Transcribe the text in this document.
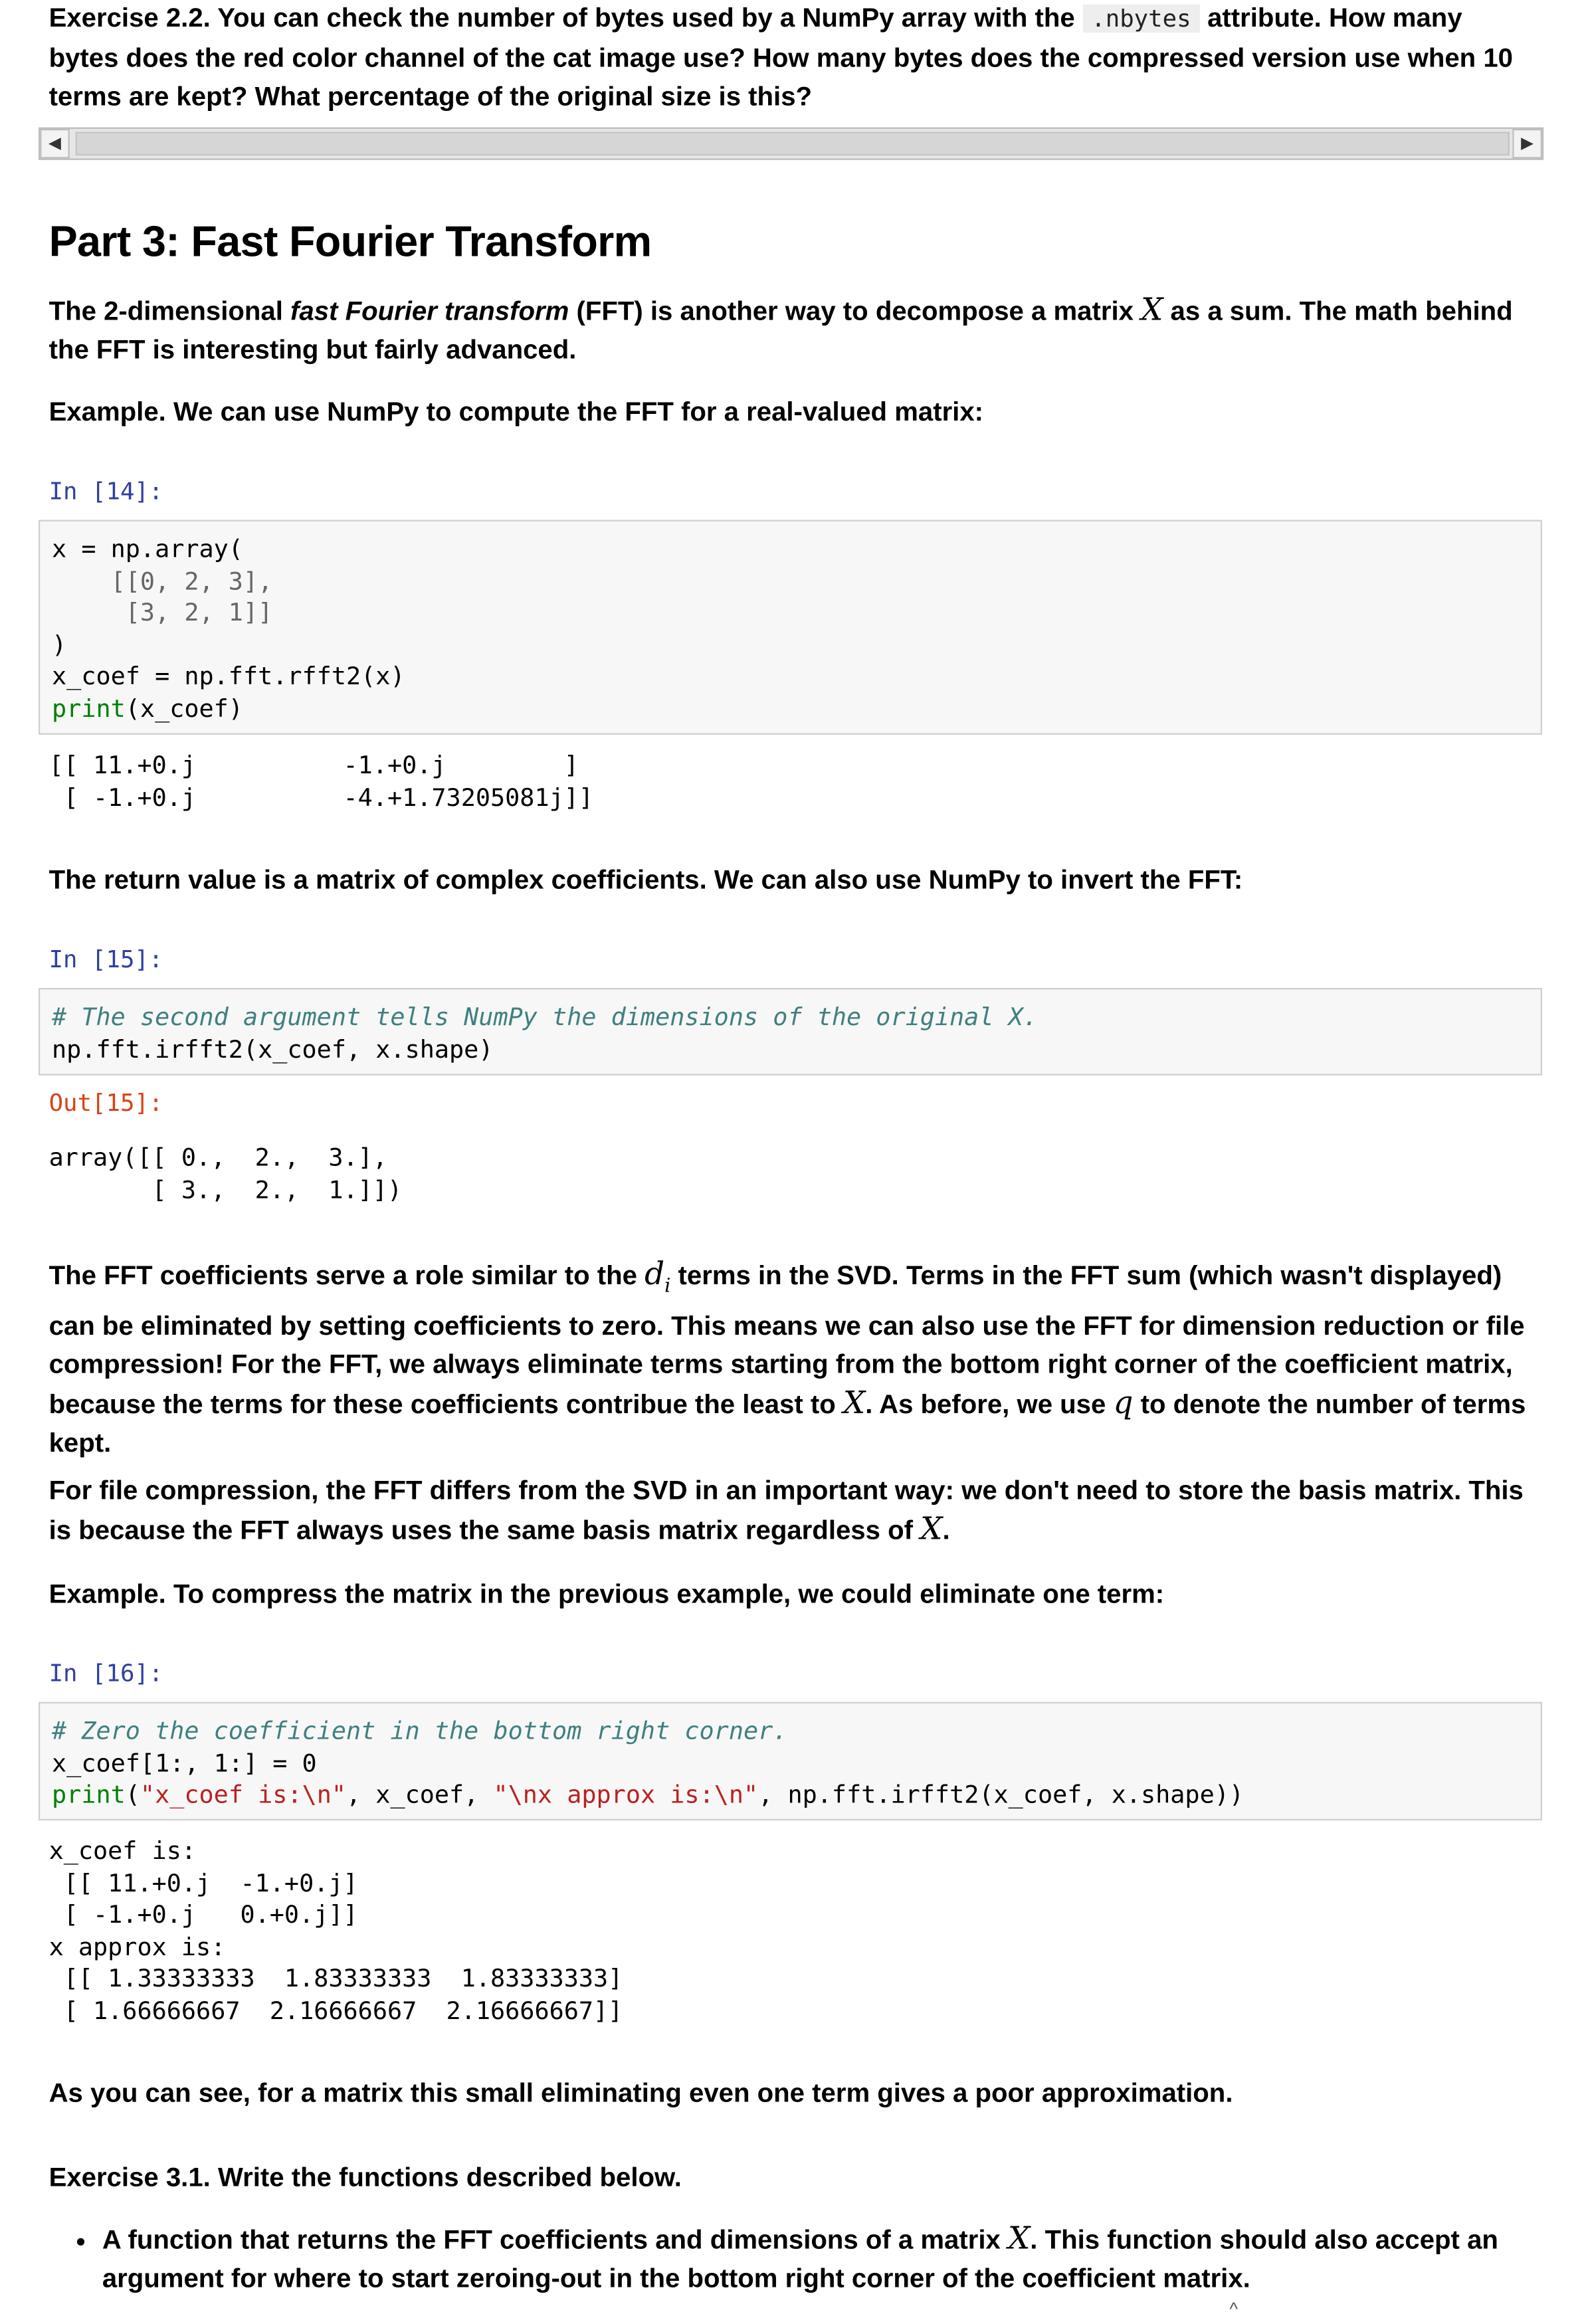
Exercise 2.2. You can check the number of bytes used by a NumPy array with the .nbytes attribute. How many bytes does the red color channel of the cat image use? How many bytes does the compressed version use when 10 terms are kept? What percentage of the original size is this?

◀	▶
Part 3: Fast Fourier Transform

The 2-dimensional fast Fourier transform (FFT) is another way to decompose a matrix X as a sum. The math behind the FFT is interesting but fairly advanced.

Example. We can use NumPy to compute the FFT for a real-valued matrix:

In [14]:
x = np.array(
[[0, 2, 3],
[3, 2, 1]]
)
x_coef = np.fft.rfft2(x)
print(x_coef)
[[ 11.+0.j          -1.+0.j        ]
[ -1.+0.j          -4.+1.73205081j]]

The return value is a matrix of complex coefficients. We can also use NumPy to invert the FFT:

In [15]:
# The second argument tells NumPy the dimensions of the original X.
np.fft.irfft2(x_coef, x.shape)
Out[15]:
array([[ 0.,  2.,  3.],
[ 3.,  2.,  1.]])

The FFT coefficients serve a role similar to the $d_i$ terms in the SVD. Terms in the FFT sum (which wasn't displayed) can be eliminated by setting coefficients to zero. This means we can also use the FFT for dimension reduction or file compression! For the FFT, we always eliminate terms starting from the bottom right corner of the coefficient matrix, because the terms for these coefficients contribue the least to X. As before, we use q to denote the number of terms kept.

For file compression, the FFT differs from the SVD in an important way: we don't need to store the basis matrix. This is because the FFT always uses the same basis matrix regardless of X.

Example. To compress the matrix in the previous example, we could eliminate one term:

In [16]:
# Zero the coefficient in the bottom right corner.
x_coef[1:, 1:] = 0
print("x_coef is:\n", x_coef, "\nx approx is:\n", np.fft.irfft2(x_coef, x.shape))
x_coef is:
[[ 11.+0.j  -1.+0.j]
[ -1.+0.j   0.+0.j]]
x approx is:
[[ 1.33333333  1.83333333  1.83333333]
[ 1.66666667  2.16666667  2.16666667]]

As you can see, for a matrix this small eliminating even one term gives a poor approximation.

Exercise 3.1. Write the functions described below.

• A function that returns the FFT coefficients and dimensions of a matrix X. This function should also accept an argument for where to start zeroing-out in the bottom right corner of the coefficient matrix.
^
